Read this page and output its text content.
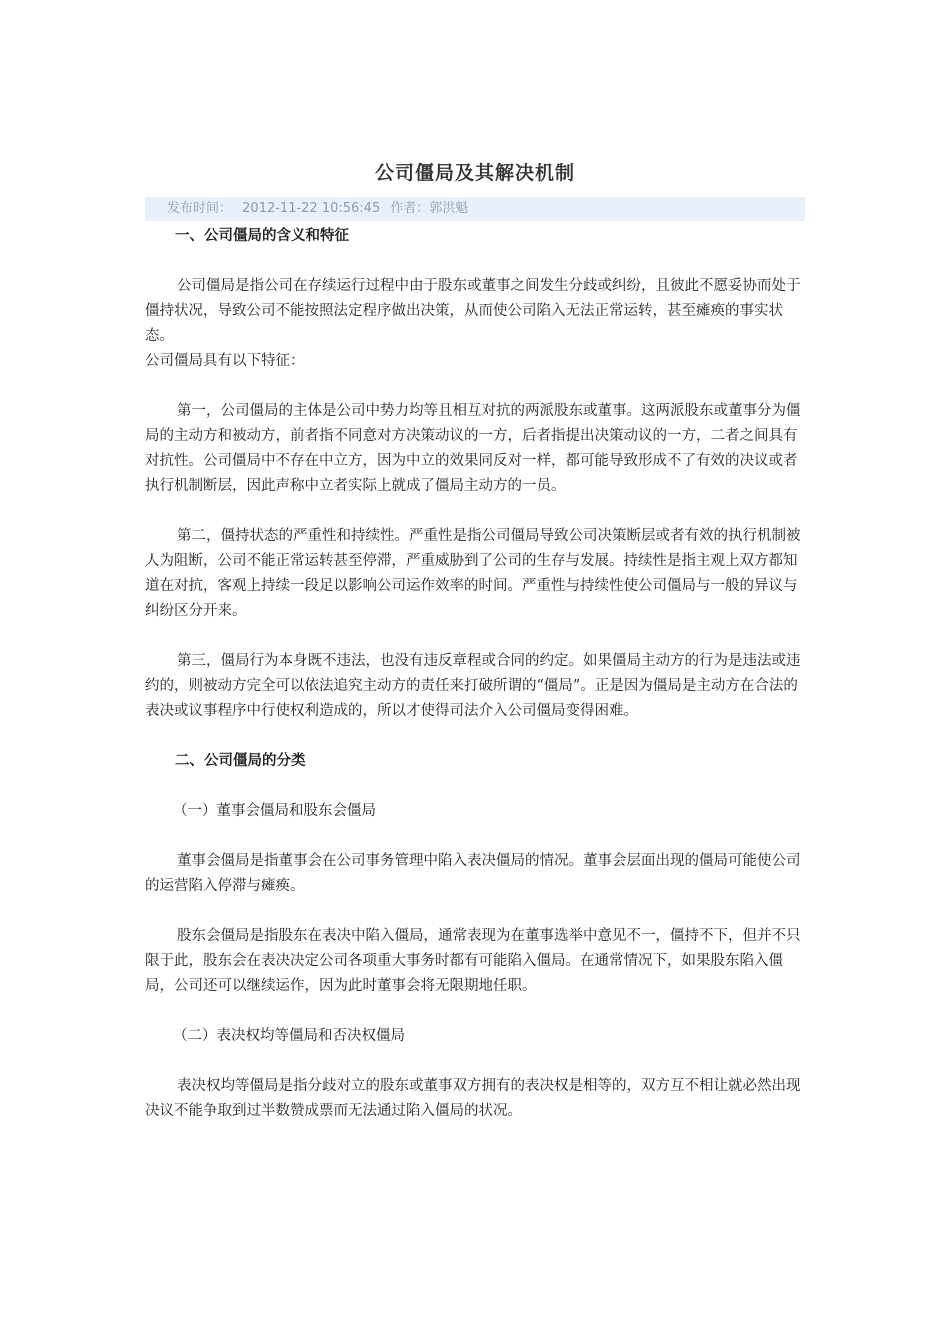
公司僵局及其解决机制
发布时间： 2012-11-22 10:56:45 作者：郭洪魁

一、公司僵局的含义和特征

公司僵局是指公司在存续运行过程中由于股东或董事之间发生分歧或纠纷，且彼此不愿妥协而处于僵持状况，导致公司不能按照法定程序做出决策，从而使公司陷入无法正常运转，甚至瘫痪的事实状态。

公司僵局具有以下特征：

第一，公司僵局的主体是公司中势力均等且相互对抗的两派股东或董事。这两派股东或董事分为僵局的主动方和被动方，前者指不同意对方决策动议的一方，后者指提出决策动议的一方，二者之间具有对抗性。公司僵局中不存在中立方，因为中立的效果同反对一样，都可能导致形成不了有效的决议或者执行机制断层，因此声称中立者实际上就成了僵局主动方的一员。

第二，僵持状态的严重性和持续性。严重性是指公司僵局导致公司决策断层或者有效的执行机制被人为阻断，公司不能正常运转甚至停滞，严重威胁到了公司的生存与发展。持续性是指主观上双方都知道在对抗，客观上持续一段足以影响公司运作效率的时间。严重性与持续性使公司僵局与一般的异议与纠纷区分开来。

第三，僵局行为本身既不违法，也没有违反章程或合同的约定。如果僵局主动方的行为是违法或违约的，则被动方完全可以依法追究主动方的责任来打破所谓的“僵局”。正是因为僵局是主动方在合法的表决或议事程序中行使权利造成的，所以才使得司法介入公司僵局变得困难。

二、公司僵局的分类

（一）董事会僵局和股东会僵局

董事会僵局是指董事会在公司事务管理中陷入表决僵局的情况。董事会层面出现的僵局可能使公司的运营陷入停滞与瘫痪。

股东会僵局是指股东在表决中陷入僵局，通常表现为在董事选举中意见不一，僵持不下，但并不只限于此，股东会在表决决定公司各项重大事务时都有可能陷入僵局。在通常情况下，如果股东陷入僵局，公司还可以继续运作，因为此时董事会将无限期地任职。

（二）表决权均等僵局和否决权僵局

表决权均等僵局是指分歧对立的股东或董事双方拥有的表决权是相等的，双方互不相让就必然出现决议不能争取到过半数赞成票而无法通过陷入僵局的状况。
